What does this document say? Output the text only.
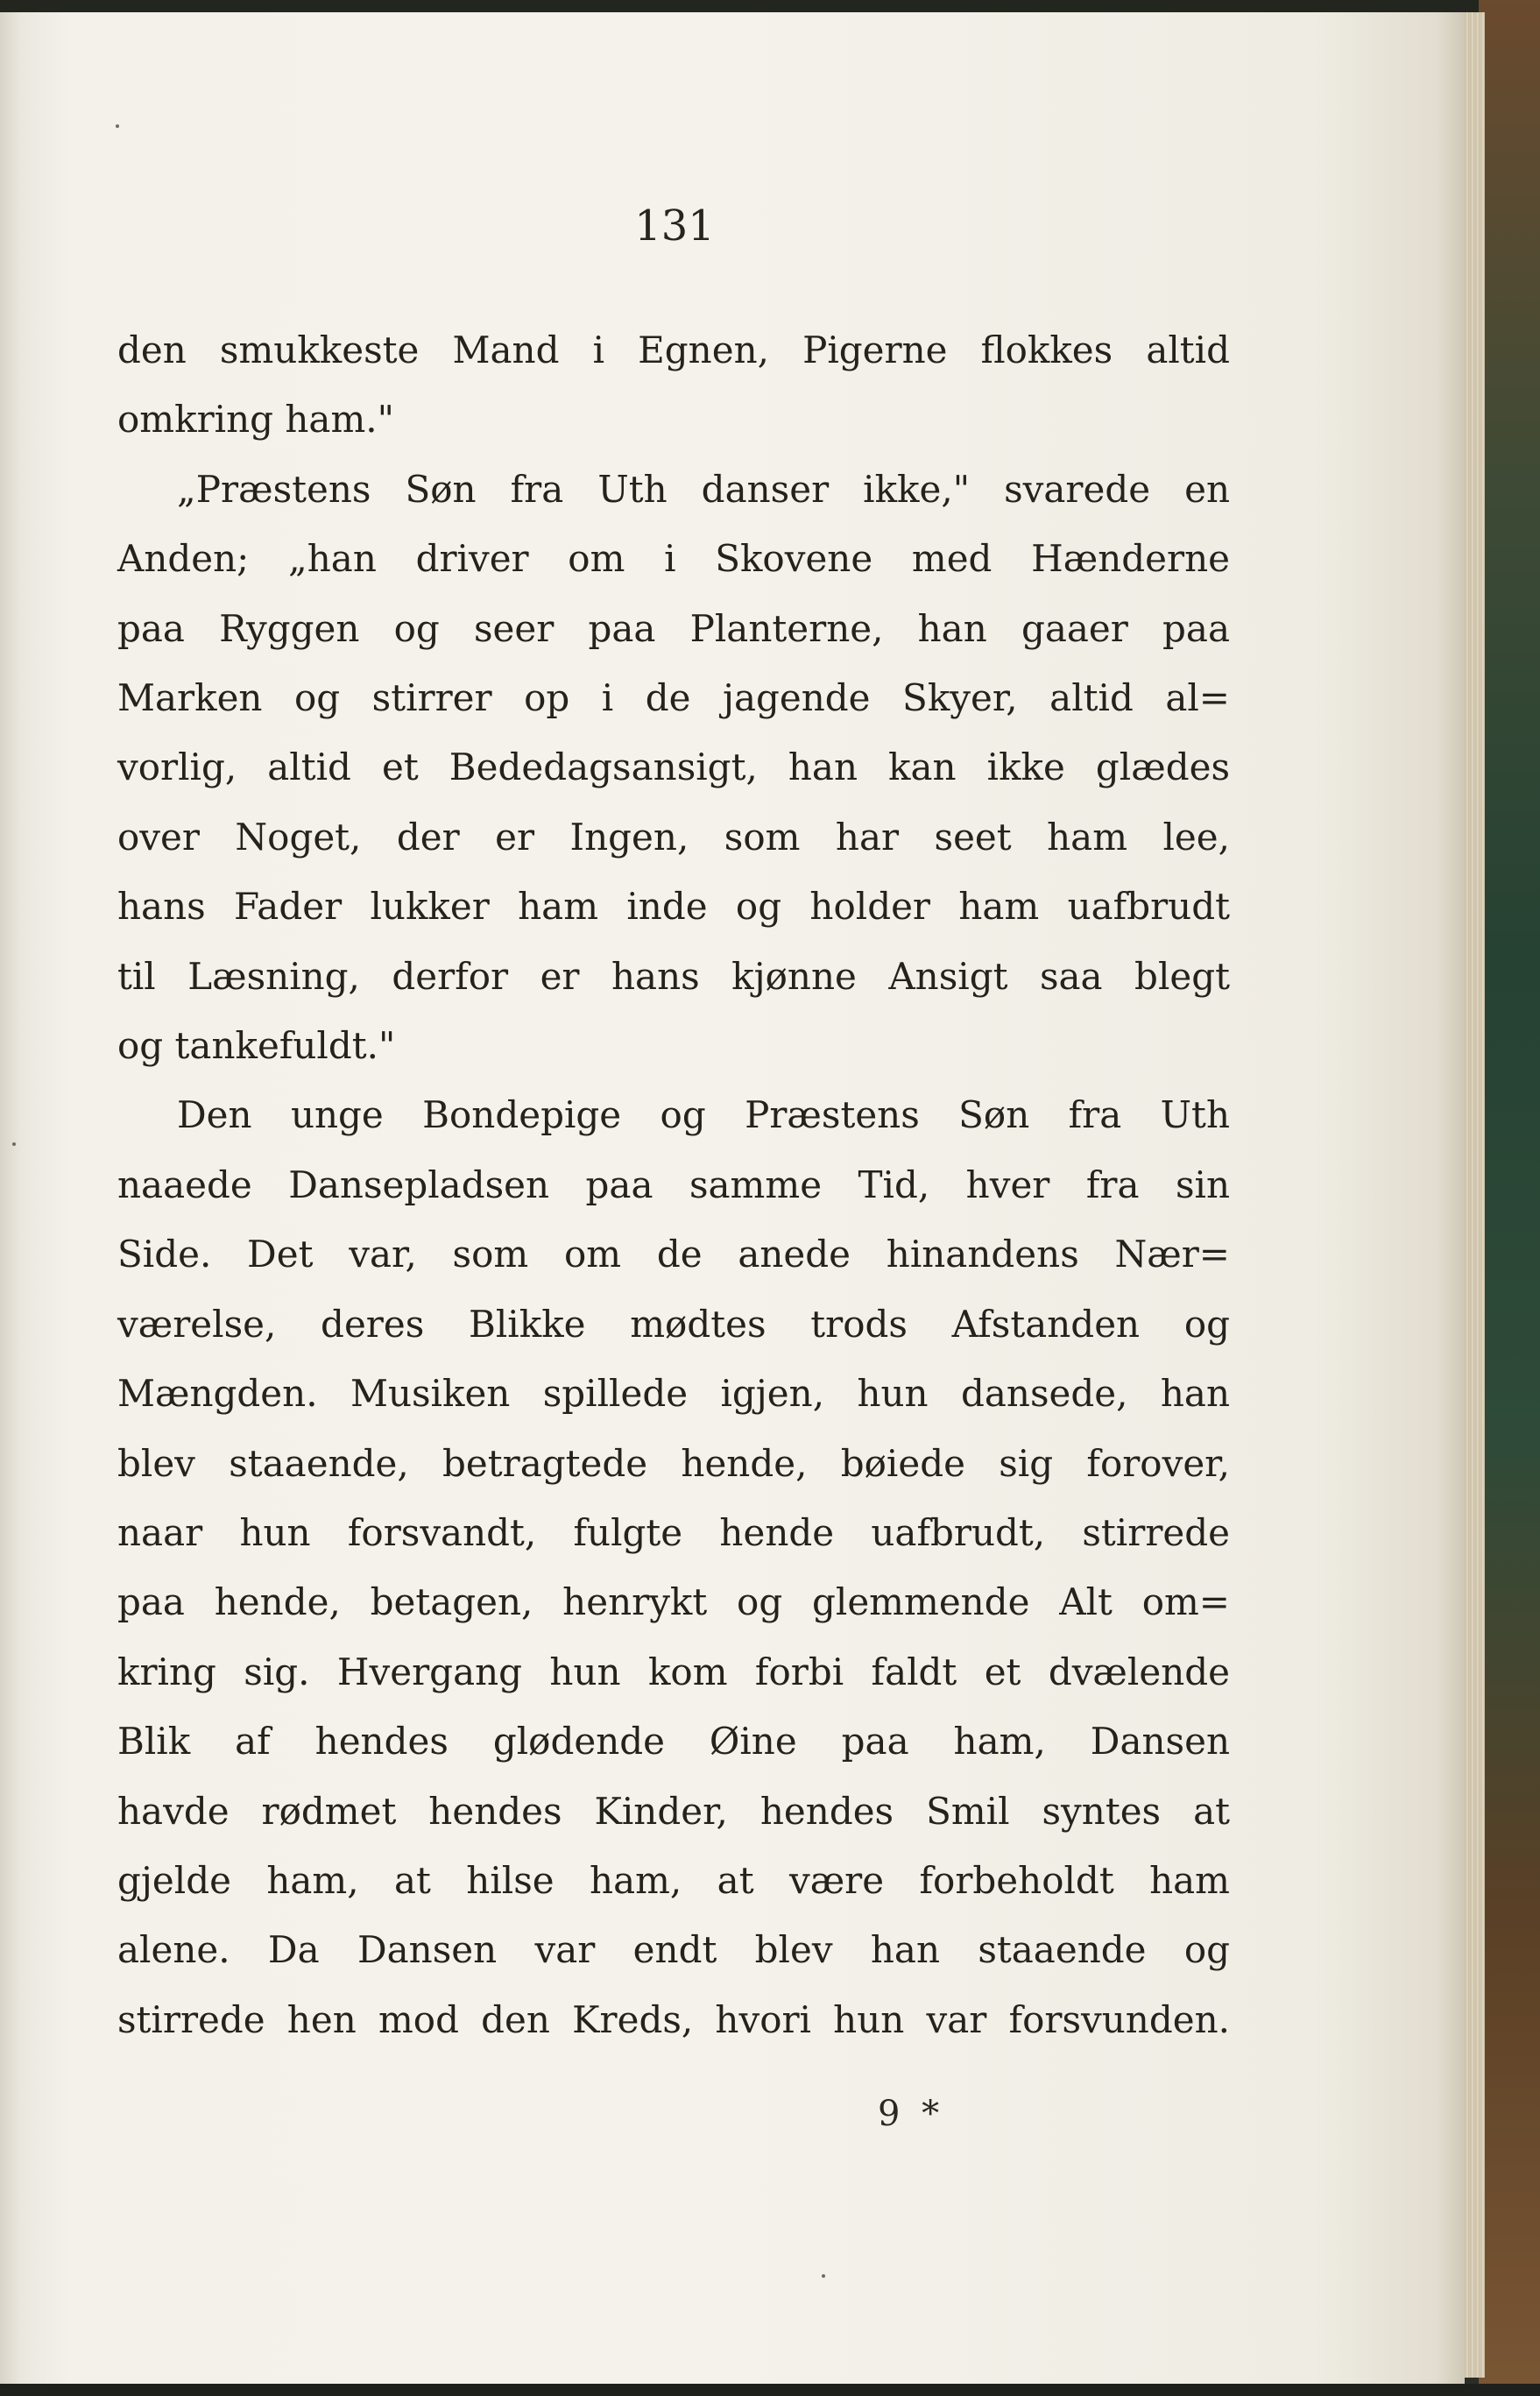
131
den smukkeste Mand i Egnen, Pigerne flokkes altid
omkring ham."
„Præstens Søn fra Uth danser ikke," svarede en
Anden; „han driver om i Skovene med Hænderne
paa Ryggen og seer paa Planterne, han gaaer paa
Marken og stirrer op i de jagende Skyer, altid al=
vorlig, altid et Bededagsansigt, han kan ikke glædes
over Noget, der er Ingen, som har seet ham lee,
hans Fader lukker ham inde og holder ham uafbrudt
til Læsning, derfor er hans kjønne Ansigt saa blegt
og tankefuldt."
Den unge Bondepige og Præstens Søn fra Uth
naaede Dansepladsen paa samme Tid, hver fra sin
Side. Det var, som om de anede hinandens Nær=
værelse, deres Blikke mødtes trods Afstanden og
Mængden. Musiken spillede igjen, hun dansede, han
blev staaende, betragtede hende, bøiede sig forover,
naar hun forsvandt, fulgte hende uafbrudt, stirrede
paa hende, betagen, henrykt og glemmende Alt om=
kring sig. Hvergang hun kom forbi faldt et dvælende
Blik af hendes glødende Øine paa ham, Dansen
havde rødmet hendes Kinder, hendes Smil syntes at
gjelde ham, at hilse ham, at være forbeholdt ham
alene. Da Dansen var endt blev han staaende og
stirrede hen mod den Kreds, hvori hun var forsvunden.
9 *
